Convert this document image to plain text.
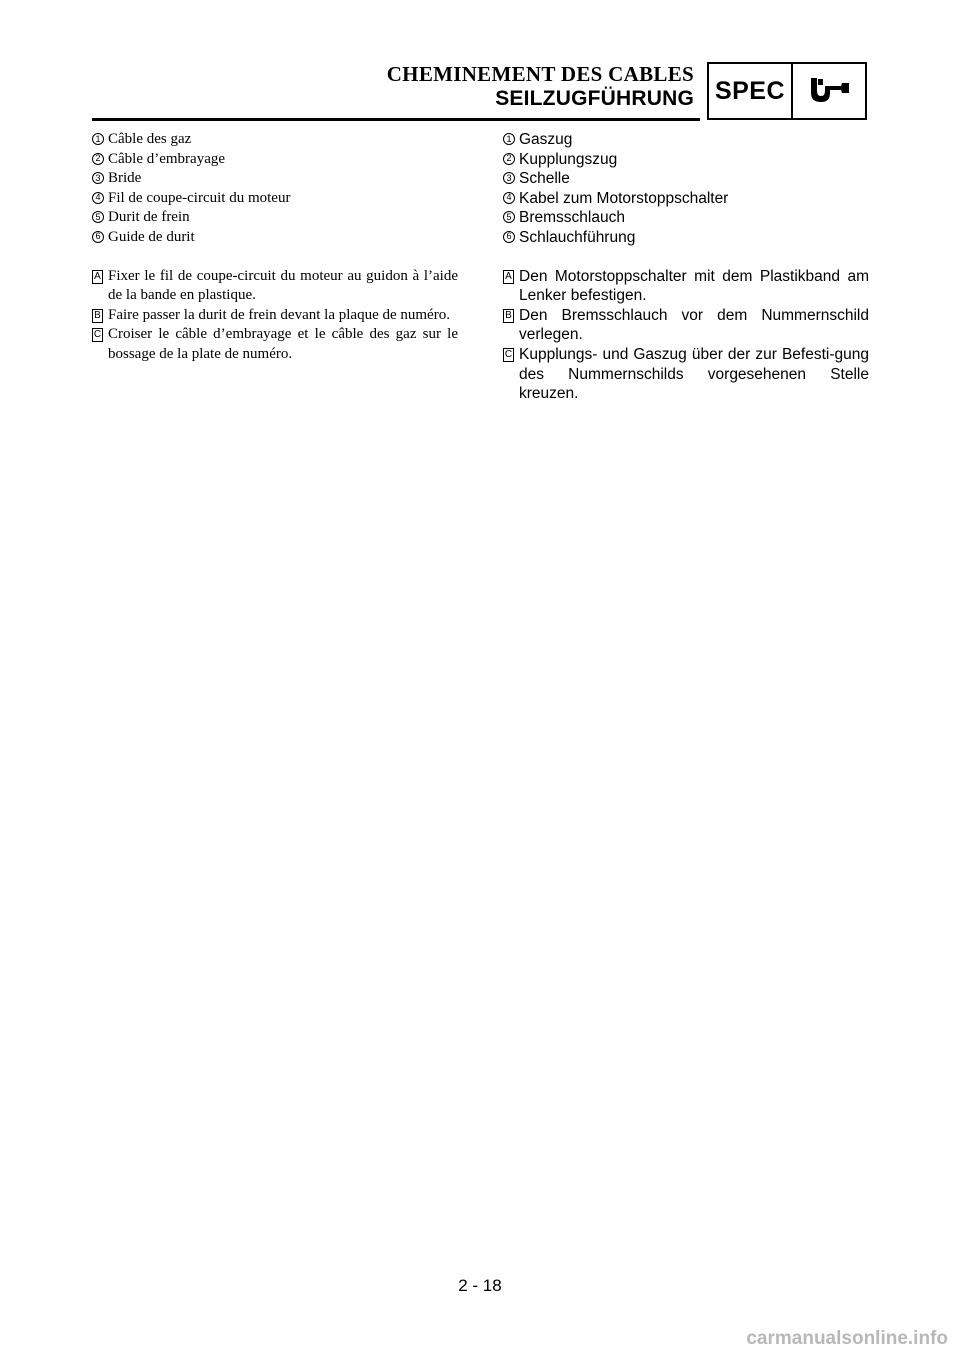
CHEMINEMENT DES CABLES
SEILZUGFÜHRUNG SPEC
1 Câble des gaz
2 Câble d’embrayage
3 Bride
4 Fil de coupe-circuit du moteur
5 Durit de frein
6 Guide de durit
A Fixer le fil de coupe-circuit du moteur au guidon à l’aide de la bande en plastique.
B Faire passer la durit de frein devant la plaque de numéro.
C Croiser le câble d’embrayage et le câble des gaz sur le bossage de la plate de numéro.
1 Gaszug
2 Kupplungszug
3 Schelle
4 Kabel zum Motorstoppschalter
5 Bremsschlauch
6 Schlauchführung
A Den Motorstoppschalter mit dem Plastikband am Lenker befestigen.
B Den Bremsschlauch vor dem Nummernschild verlegen.
C Kupplungs- und Gaszug über der zur Befesti-gung des Nummernschilds vorgesehenen Stelle kreuzen.
2 - 18
carmanualsonline.info
